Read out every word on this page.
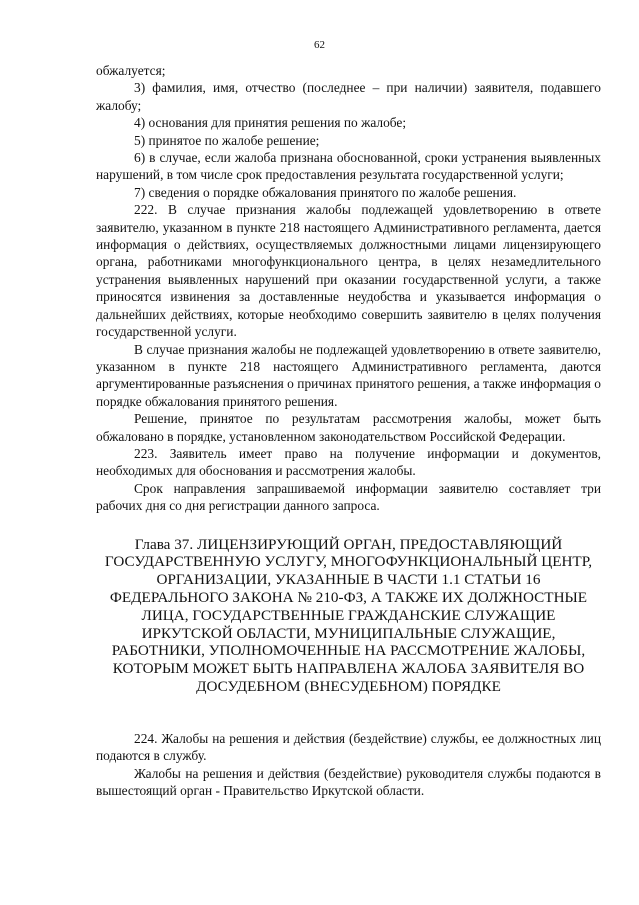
62

обжалуется;

3) фамилия, имя, отчество (последнее – при наличии) заявителя, подавшего жалобу;

4) основания для принятия решения по жалобе;

5) принятое по жалобе решение;

6) в случае, если жалоба признана обоснованной, сроки устранения выявленных нарушений, в том числе срок предоставления результата государственной услуги;

7) сведения о порядке обжалования принятого по жалобе решения.

222. В случае признания жалобы подлежащей удовлетворению в ответе заявителю, указанном в пункте 218 настоящего Административного регламента, дается информация о действиях, осуществляемых должностными лицами лицензирующего органа, работниками многофункционального центра, в целях незамедлительного устранения выявленных нарушений при оказании государственной услуги, а также приносятся извинения за доставленные неудобства и указывается информация о дальнейших действиях, которые необходимо совершить заявителю в целях получения государственной услуги.

В случае признания жалобы не подлежащей удовлетворению в ответе заявителю, указанном в пункте 218 настоящего Административного регламента, даются аргументированные разъяснения о причинах принятого решения, а также информация о порядке обжалования принятого решения.

Решение, принятое по результатам рассмотрения жалобы, может быть обжаловано в порядке, установленном законодательством Российской Федерации.

223. Заявитель имеет право на получение информации и документов, необходимых для обоснования и рассмотрения жалобы.

Срок направления запрашиваемой информации заявителю составляет три рабочих дня со дня регистрации данного запроса.

Глава 37. ЛИЦЕНЗИРУЮЩИЙ ОРГАН, ПРЕДОСТАВЛЯЮЩИЙ ГОСУДАРСТВЕННУЮ УСЛУГУ, МНОГОФУНКЦИОНАЛЬНЫЙ ЦЕНТР, ОРГАНИЗАЦИИ, УКАЗАННЫЕ В ЧАСТИ 1.1 СТАТЬИ 16 ФЕДЕРАЛЬНОГО ЗАКОНА № 210-ФЗ, А ТАКЖЕ ИХ ДОЛЖНОСТНЫЕ ЛИЦА, ГОСУДАРСТВЕННЫЕ ГРАЖДАНСКИЕ СЛУЖАЩИЕ ИРКУТСКОЙ ОБЛАСТИ, МУНИЦИПАЛЬНЫЕ СЛУЖАЩИЕ, РАБОТНИКИ, УПОЛНОМОЧЕННЫЕ НА РАССМОТРЕНИЕ ЖАЛОБЫ, КОТОРЫМ МОЖЕТ БЫТЬ НАПРАВЛЕНА ЖАЛОБА ЗАЯВИТЕЛЯ ВО ДОСУДЕБНОМ (ВНЕСУДЕБНОМ) ПОРЯДКЕ

224. Жалобы на решения и действия (бездействие) службы, ее должностных лиц подаются в службу.

Жалобы на решения и действия (бездействие) руководителя службы подаются в вышестоящий орган - Правительство Иркутской области.
